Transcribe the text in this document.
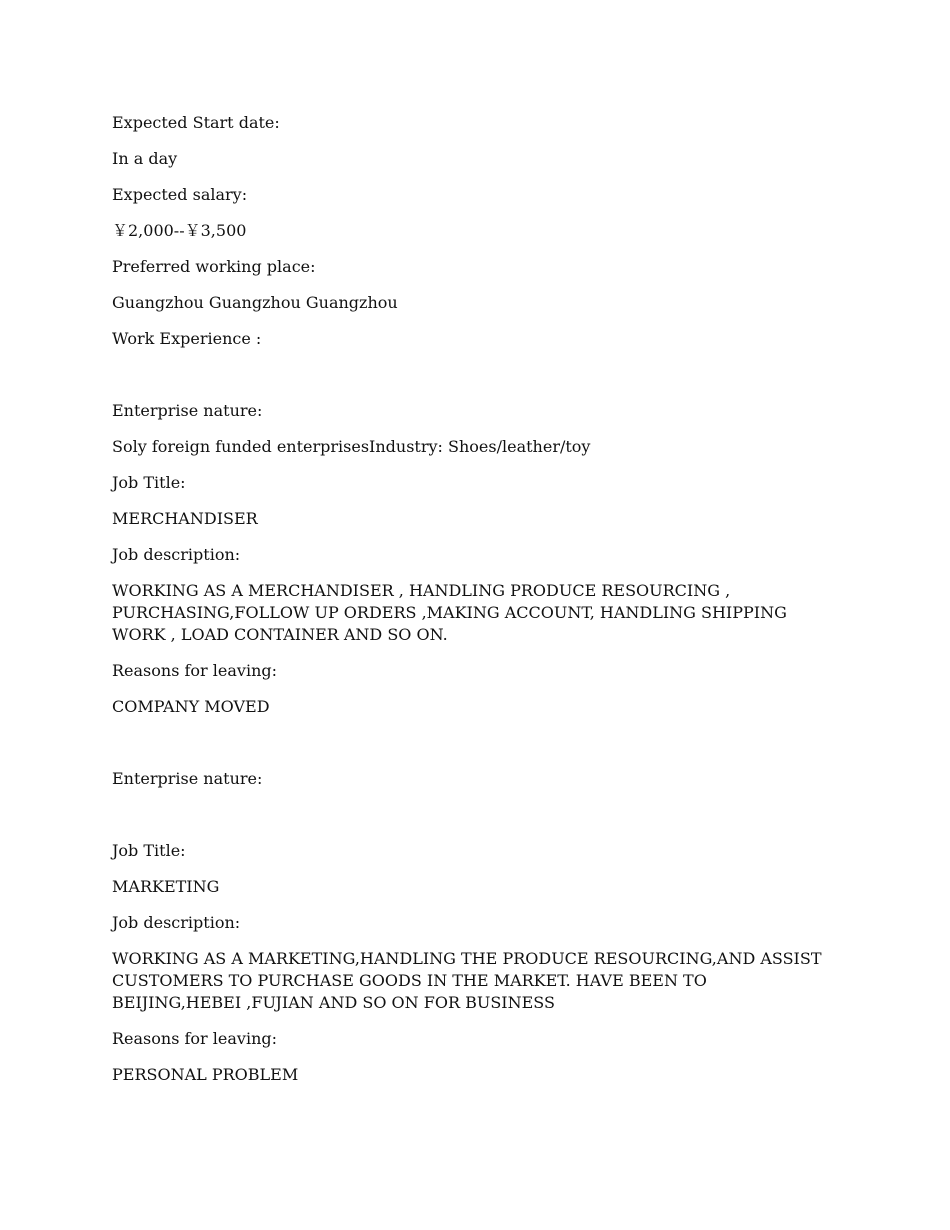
Expected Start date:

In a day

Expected salary:

￥2,000--￥3,500

Preferred working place:

Guangzhou Guangzhou Guangzhou

Work Experience :

Enterprise nature:

Soly foreign funded enterprisesIndustry: Shoes/leather/toy

Job Title:

MERCHANDISER

Job description:

WORKING AS A MERCHANDISER , HANDLING PRODUCE RESOURCING , PURCHASING,FOLLOW UP ORDERS ,MAKING ACCOUNT, HANDLING SHIPPING WORK , LOAD CONTAINER AND SO ON.

Reasons for leaving:

COMPANY MOVED

Enterprise nature:

Job Title:

MARKETING

Job description:

WORKING AS A MARKETING,HANDLING THE PRODUCE RESOURCING,AND ASSIST CUSTOMERS TO PURCHASE GOODS IN THE MARKET. HAVE BEEN TO BEIJING,HEBEI ,FUJIAN AND SO ON FOR BUSINESS

Reasons for leaving:

PERSONAL PROBLEM
